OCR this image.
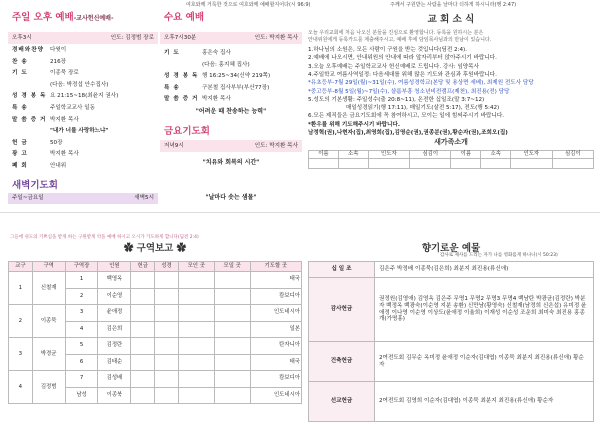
여호와께 거룩한 것으로 여호와께 예배할지어다(시 96:9)	주께서 구원받는 사람을 날마다 더하게 하시니라(행 2:47)
주일 오후 예배-교사헌신예배-
오후3시	인도: 김정범 장로
경배와찬양	다윗이
찬 송	216장
기 도	이종묵 장로
(다음: 박정섭 안수집사)
성 경 봉 독 요 21:15~18(최윤지 권사)
특 송	주일학교교사 일동
말 씀 증 거 박지환 목사
"내가 너를 사랑하느냐"
헌 금	50장
광 고	박지환 목사
폐 회	안내위
수요 예배
오후7시30분	인도: 박지환 목사
기 도	홍은숙 집사
(다음: 홍지혜 집사)
성 경 봉 독 행 16:25~34(신약 219쪽)
특 송	구본철 집사부부(부산77장)
말 씀 증 거 박지환 목사
"어려운 때 찬송하는 능력"
금요기도회
저녁9시	인도: 박지환 목사
"치유와 회복의 시간"
새벽기도회
주일~금요일	새벽5시	"날마다 솟는 샘물"
교 회 소 식
오늘 우리교회에 처음 나오신 분들을 진심으로 환영합니다. 등록을 원하시는 분은
안내위원에게 등록카드를 제출해주시고, 예배 후에 담임목사님과의 만남이 있습니다.
1.하나님의 소원은, 모든 사람이 구원을 받는 것입니다(딤전 2:4).
2.예배에 나오시면, 안내위원의 안내에 따라 앞자리부터 앉아주시기 바랍니다.
3.오늘 오후예배는 주일학교교사 헌신예배로 드립니다. 강사: 임양목사
4.주일학교 여름사역일정: 다음세대를 위해 많은 기도와 관심과 후원바랍니다.
*유초등부-7월 29일(월)~31일(수), 여름성경학교(본당 및 용상면 세베), 최제원 전도사 담당
*중고등부-8월 5일(월)~7일(수), 샬롬부흥 청소년비전캠프(제천), 최진용(전) 담당
5.성도의 기본생활: 주일성수(출 20:8~11), 온전한 십일조(말 3:7~12)
매일성경읽기(행 17:11), 매일기도(살전 5:17), 전도(행 5:42)
6.모든 제직들은 금요기도회에 꼭 참여하시고, 모이는 일에 힘써주시기 바랍니다.
*환우를 위해 기도해주시기 바랍니다.
남정혁(권),나현자(집),최영희(집),김영순(권),권종분(권),황순자(권),조희오(집)
새가족소개
이름	소속	인도자	심김이	이름	소속	인도자	심김이

그들에 쉬도의 기쁘심을 받게 하는 구원받게 악을 예배 하시고 오시가 가도하게 합니다(딤전 2:4)
감사로 제사를 드리는 자가 나를 영화롭게 하나니(시 50:23)
✿ 구역보고 ✿
교구	구역	구역장	인원	헌금	성경	모인 곳	모일 곳	기도할 곳
1	신철재	1	백영옥					태국
		2	이순영					캄보디아
2	이종묵	3	윤애정					인도네시아
		4	김은희					일본
3	박경균	5	김정란					탄자니아
		6	김태순					태국
4	김정범	7	김성배					캄보디아
		남성	이종북					인도네시아
향기로운 예물
십 일 조	김은주 박정배 이종묵(김은희) 최분지 최진용(류신애)
감사헌금	권정원(김영애) 김영옥 김은주 무명1 무명2 무명3 무명4 백남탄 박광균(김정란) 박분자 백정옥 백광숙(이순영 지분 송환) 신만남(황영숙) 신철재(남정희 신은섭) 유미정 윤애정 이나영 이순영 이상도(윤애정 이율희) 이재성 이순성 조운희 최미숙 최진용 홍종개(가명홍)
건축헌금	2여전도회 김무순 옥미정 윤애정 이순자(김대엽) 이종묵 최분지 최진용(류신애) 황순자
선교헌금	2여전도회 김영희 이순자(김대엽) 이종묵 최분지 최진용(류신애) 황순자
